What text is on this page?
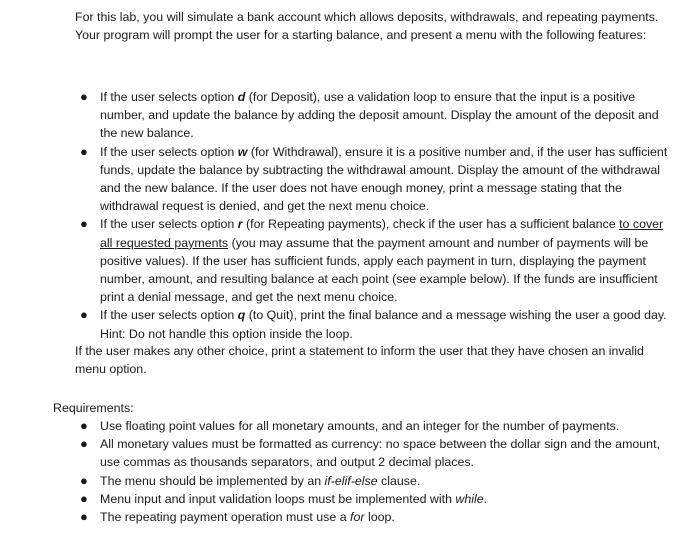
For this lab, you will simulate a bank account which allows deposits, withdrawals, and repeating payments. Your program will prompt the user for a starting balance, and present a menu with the following features:

● If the user selects option d (for Deposit), use a validation loop to ensure that the input is a positive number, and update the balance by adding the deposit amount. Display the amount of the deposit and the new balance.
● If the user selects option w (for Withdrawal), ensure it is a positive number and, if the user has sufficient funds, update the balance by subtracting the withdrawal amount. Display the amount of the withdrawal and the new balance. If the user does not have enough money, print a message stating that the withdrawal request is denied, and get the next menu choice.
● If the user selects option r (for Repeating payments), check if the user has a sufficient balance to cover all requested payments (you may assume that the payment amount and number of payments will be positive values). If the user has sufficient funds, apply each payment in turn, displaying the payment number, amount, and resulting balance at each point (see example below). If the funds are insufficient print a denial message, and get the next menu choice.
● If the user selects option q (to Quit), print the final balance and a message wishing the user a good day. Hint: Do not handle this option inside the loop.

If the user makes any other choice, print a statement to inform the user that they have chosen an invalid menu option.

Requirements:

● Use floating point values for all monetary amounts, and an integer for the number of payments.
● All monetary values must be formatted as currency: no space between the dollar sign and the amount, use commas as thousands separators, and output 2 decimal places.
● The menu should be implemented by an if-elif-else clause.
● Menu input and input validation loops must be implemented with while.
● The repeating payment operation must use a for loop.
